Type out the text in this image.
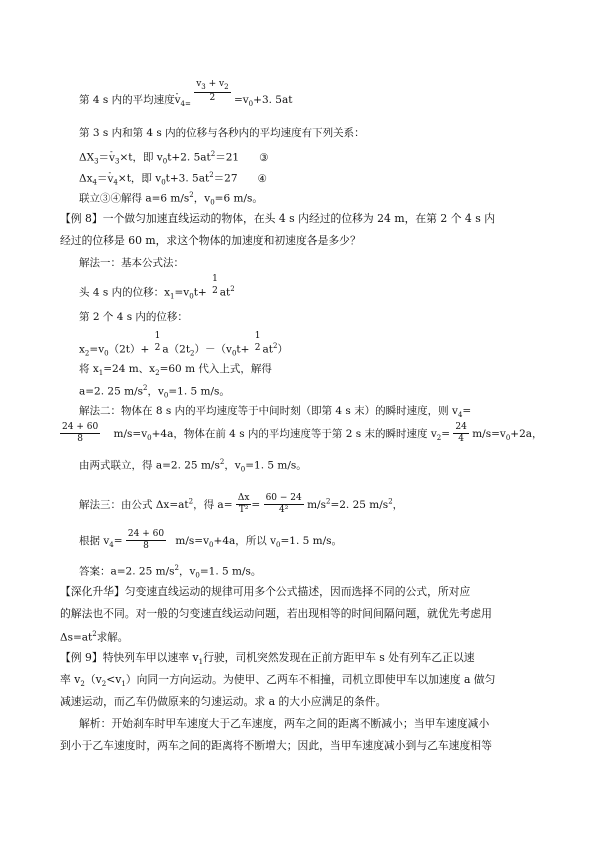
第 4 s 内的平均速度- $v_{4=}$
$\frac{v_3 + v_2}{2} =v_0+3$. 5at
第 3 s 内和第 4 s 内的位移与各秒内的平均速度有下列关系：
$\Delta X_3=-$ $v_3\times t$，即 $v_0t+2$. $5at^2=21$ ③
$\Delta x_4=-$ $v_4\times t$，即 $v_0t+3$. $5at^2=27$ ④
联立③④解得 a=6 $m/s^2$，$v_0=6$ m/s。
【例 8】一个做匀加速直线运动的物体，在头 4 s 内经过的位移为 24 m，在第 2 个 4 s 内
经过的位移是 60 m，求这个物体的加速度和初速度各是多少？
解法一：基本公式法：
头 4 s 内的位移：$x_1=v_0t+$
1
2 $at^2$
第 2 个 4 s 内的位移：
$x_2=v_0(2t)+$
1
2 $a(2t_2)-(v_0t+$
1
2 $at^2$）
将 $x_1=24$ m、$x_2=60$ m 代入上式，解得
a=2. 25 $m/s^2$，$v_0=1$. 5 m/s。
解法二：物体在 8 s 内的平均速度等于中间时刻（即第 4 s 末）的瞬时速度，则 $v_4=$
$\frac{24 + 60}{8} m/s=v_0+4a$，物体在前 4 s 内的平均速度等于第 2 s 末的瞬时速度 $v_2= \frac{24}{4} m/s=v_0+2a$，
由两式联立，得 a=2. 25 $m/s^2$，$v_0=1$. 5 m/s。
解法三：由公式 $\Delta x=at^2$，得 $a= \frac{\Delta x}{\text{T²}} = \frac{60 - 24}{\text{4²}} m/s^2=2$. 25 $m/s^2$，
根据 $v_4= \frac{24 + 60}{8} m/s=v_0+4a$，所以 $v_0=1$. 5 m/s。
答案：a=2. 25 $m/s^2$，$v_0=1$. 5 m/s。
【深化升华】匀变速直线运动的规律可用多个公式描述，因而选择不同的公式，所对应
的解法也不同。对一般的匀变速直线运动问题，若出现相等的时间间隔问题，就优先考虑用
$\Delta s=at^2$求解。
【例 9】特快列车甲以速率 $v_1$行驶，司机突然发现在正前方距甲车 s 处有列车乙正以速
率 $v_2(v_2<v_1)$向同一方向运动。为使甲、乙两车不相撞，司机立即使甲车以加速度 a 做匀
减速运动，而乙车仍做原来的匀速运动。求 a 的大小应满足的条件。
解析：开始刹车时甲车速度大于乙车速度，两车之间的距离不断减小；当甲车速度减小
到小于乙车速度时，两车之间的距离将不断增大；因此，当甲车速度减小到与乙车速度相等
